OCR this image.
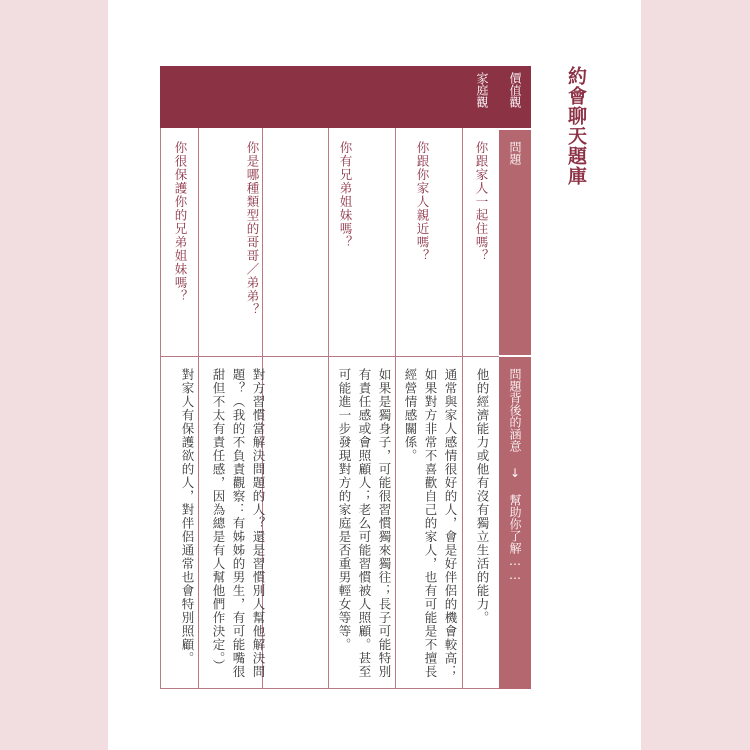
約會聊天題庫
價值觀
問題
問題背後的涵意 ↓ 幫助你了解……
家庭觀
你跟家人一起住嗎？
他的經濟能力或他有沒有獨立生活的能力。
你跟你家人親近嗎？
通常與家人感情很好的人，會是好伴侶的機會較高；如果對方非常不喜歡自己的家人，也有可能是不擅長經營情感關係。
你有兄弟姐妹嗎？
如果是獨身子，可能很習慣獨來獨往；長子可能特別有責任感或會照顧人；老么可能習慣被人照顧。甚至可能進一步發現對方的家庭是否重男輕女等等。
你是哪種類型的哥哥／弟弟？
對方習慣當解決問題的人？還是習慣別人幫他解決問題？（我的不負責觀察：有姊姊的男生，有可能嘴很甜但不太有責任感，因為總是有人幫他們作決定。）
你很保護你的兄弟姐妹嗎？
對家人有保護欲的人，對伴侶通常也會特別照顧。
